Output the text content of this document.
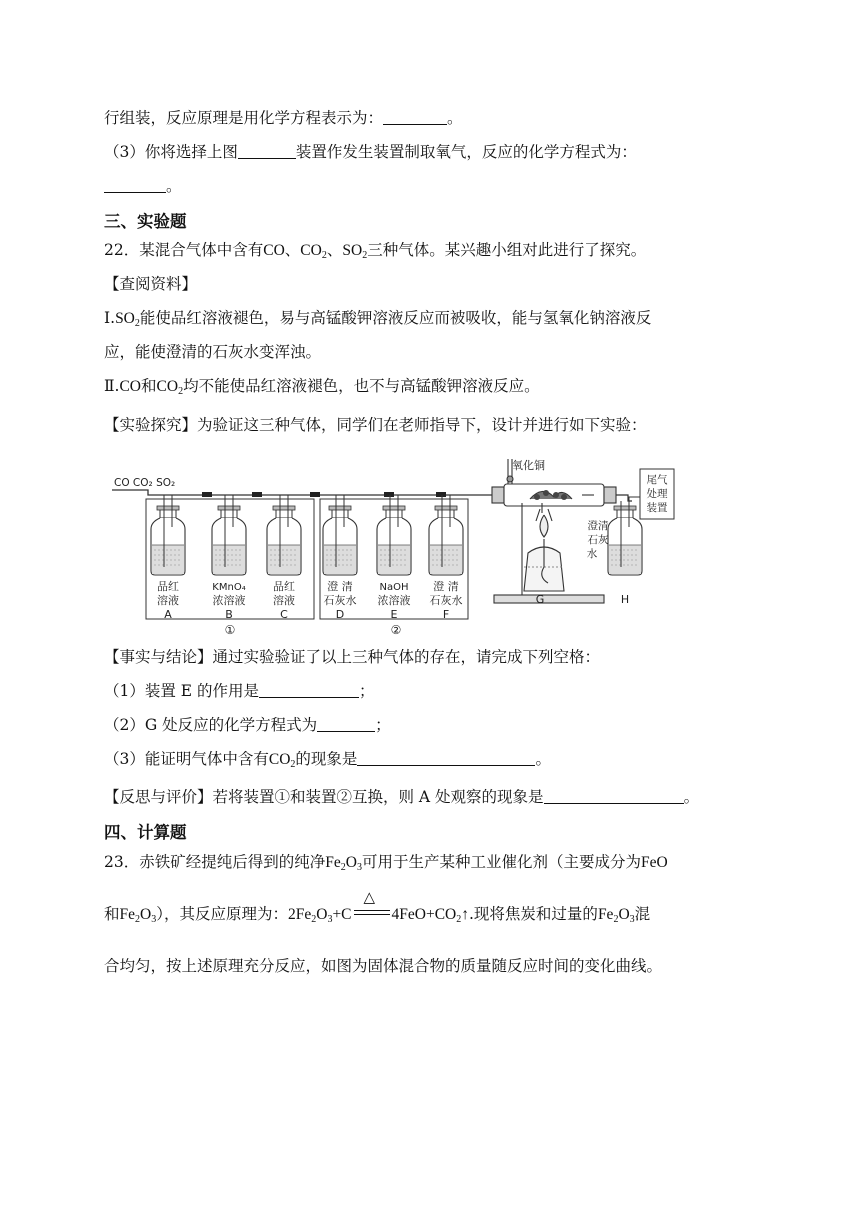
行组装，反应原理是用化学方程表示为：	。
（3）你将选择上图	装置作发生装置制取氧气，反应的化学方程式为：
。
三、实验题
22．某混合气体中含有CO、$CO_2$、$SO_2$三种气体。某兴趣小组对此进行了探究。
【查阅资料】
$Ⅰ.SO_2$能使品红溶液褪色，易与高锰酸钾溶液反应而被吸收，能与氢氧化钠溶液反
应，能使澄清的石灰水变浑浊。
Ⅱ.CO和$CO_2$均不能使品红溶液褪色，也不与高锰酸钾溶液反应。
【实验探究】为验证这三种气体，同学们在老师指导下，设计并进行如下实验：
CO CO₂ SO₂
品红
溶液
A
KMnO₄
浓溶液
B
品红
溶液
C
澄 清
石灰水
D
NaOH
浓溶液
E
澄 清
石灰水
F
①	②
氧化铜
G
尾气
处理
装置
澄清
石灰
水
H
【事实与结论】通过实验验证了以上三种气体的存在，请完成下列空格：
（1）装置 E 的作用是	；
（2）G 处反应的化学方程式为	；
（3）能证明气体中含有$CO_2$的现象是	。
【反思与评价】若将装置①和装置②互换，则 A 处观察的现象是	。
四、计算题
23．赤铁矿经提纯后得到的纯净$Fe_2O_3$可用于生产某种工业催化剂（主要成分为FeO
和$Fe_2O_3$），其反应原理为：$2Fe_2O_3+C$
△
$4FeO+CO_2↑$.现将焦炭和过量的$Fe_2O_3$混
合均匀，按上述原理充分反应，如图为固体混合物的质量随反应时间的变化曲线。
